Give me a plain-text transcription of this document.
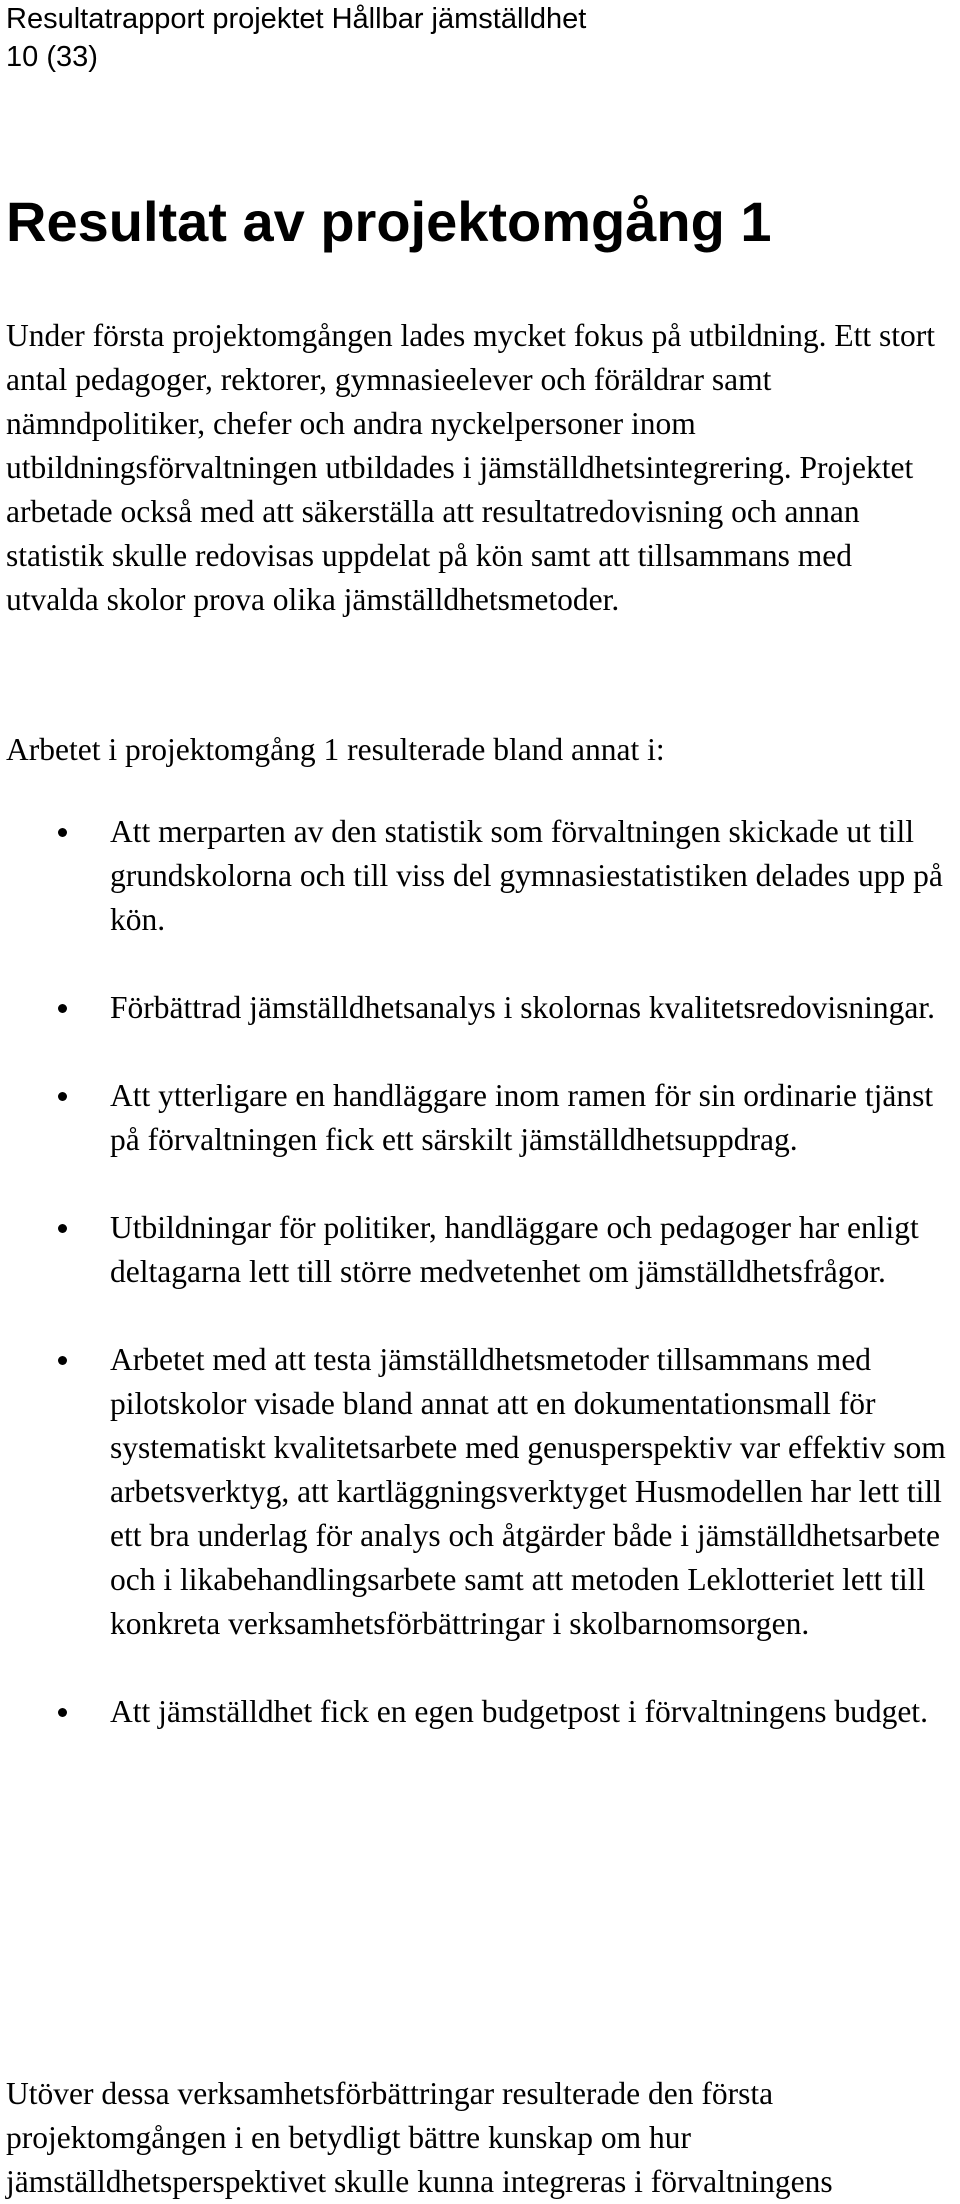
Resultatrapport projektet Hållbar jämställdhet
10 (33)
Resultat av projektomgång 1

Under första projektomgången lades mycket fokus på utbildning. Ett stort antal pedagoger, rektorer, gymnasieelever och föräldrar samt nämndpolitiker, chefer och andra nyckelpersoner inom utbildningsförvaltningen utbildades i jämställdhetsintegrering. Projektet arbetade också med att säkerställa att resultatredovisning och annan statistik skulle redovisas uppdelat på kön samt att tillsammans med utvalda skolor prova olika jämställdhetsmetoder.

Arbetet i projektomgång 1 resulterade bland annat i:

Att merparten av den statistik som förvaltningen skickade ut till grundskolorna och till viss del gymnasiestatistiken delades upp på kön.
Förbättrad jämställdhetsanalys i skolornas kvalitetsredovisningar.
Att ytterligare en handläggare inom ramen för sin ordinarie tjänst på förvaltningen fick ett särskilt jämställdhetsuppdrag.
Utbildningar för politiker, handläggare och pedagoger har enligt deltagarna lett till större medvetenhet om jämställdhetsfrågor.
Arbetet med att testa jämställdhetsmetoder tillsammans med pilotskolor visade bland annat att en dokumentationsmall för systematiskt kvalitetsarbete med genusperspektiv var effektiv som arbetsverktyg, att kartläggningsverktyget Husmodellen har lett till ett bra underlag för analys och åtgärder både i jämställdhetsarbete och i likabehandlingsarbete samt att metoden Leklotteriet lett till konkreta verksamhetsförbättringar i skolbarnomsorgen.
Att jämställdhet fick en egen budgetpost i förvaltningens budget.

Utöver dessa verksamhetsförbättringar resulterade den första projektomgången i en betydligt bättre kunskap om hur jämställdhetsperspektivet skulle kunna integreras i förvaltningens
